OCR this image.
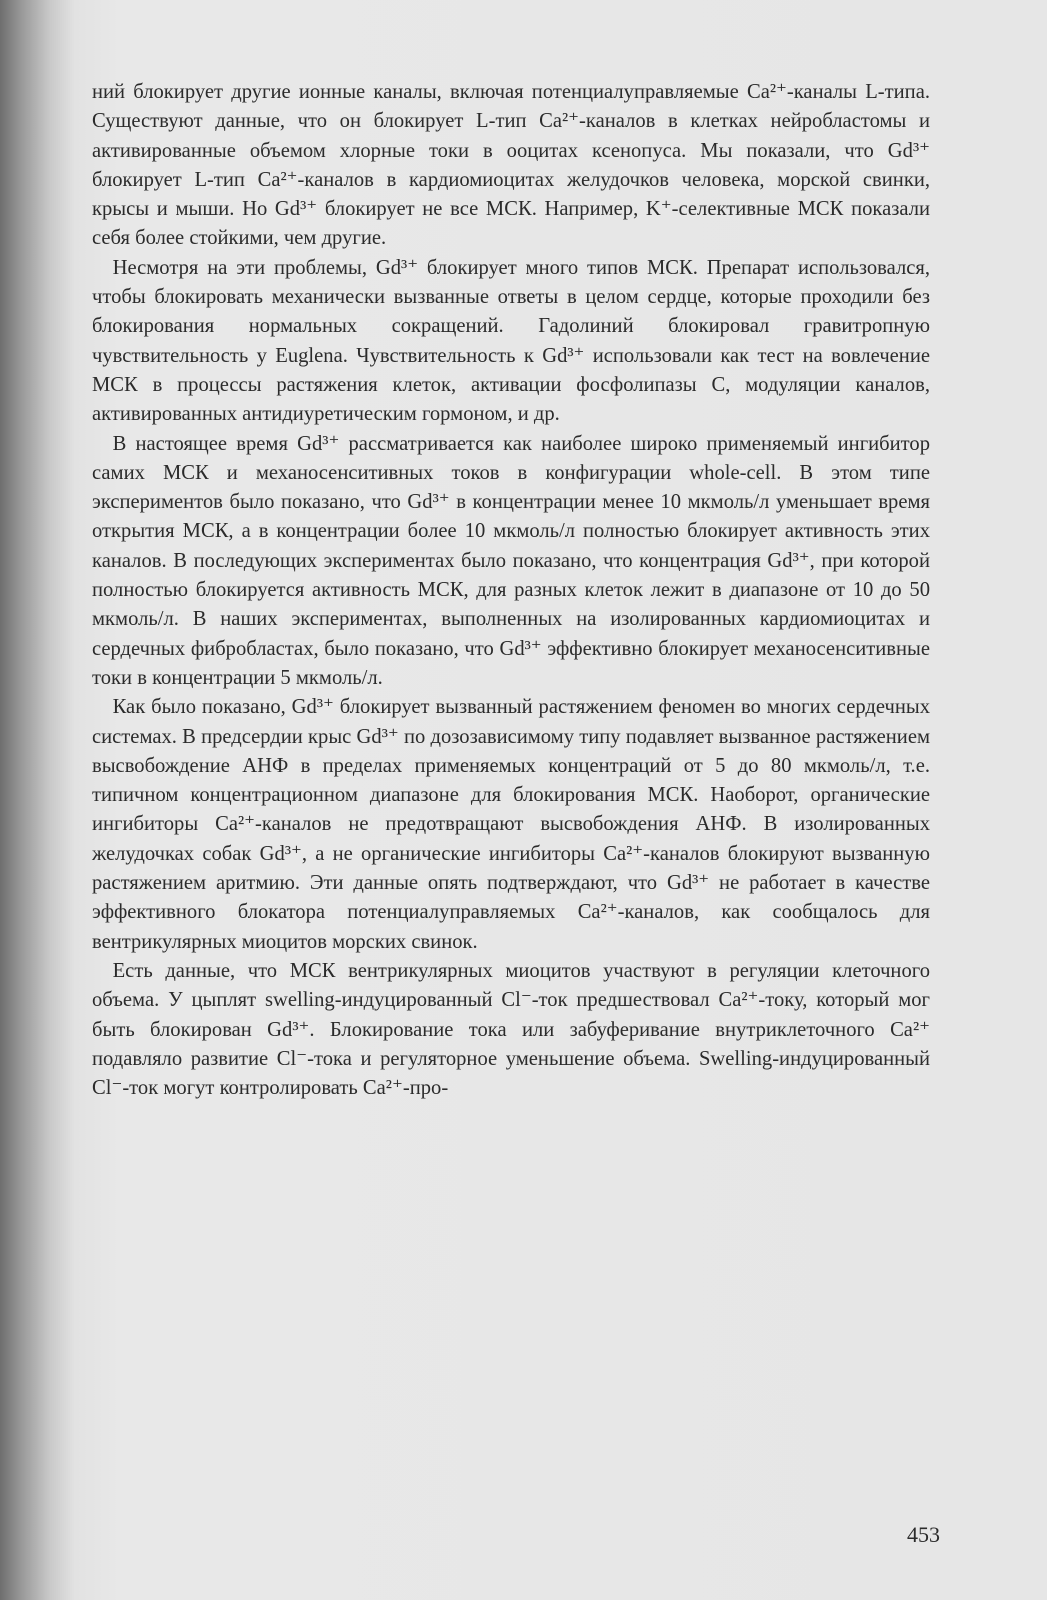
ний блокирует другие ионные каналы, включая потенциалуправляемые Ca²⁺-каналы L-типа. Существуют данные, что он блокирует L-тип Ca²⁺-каналов в клетках нейробластомы и активированные объемом хлорные токи в ооцитах ксенопуса. Мы показали, что Gd³⁺ блокирует L-тип Ca²⁺-каналов в кардиомиоцитах желудочков человека, морской свинки, крысы и мыши. Но Gd³⁺ блокирует не все МСК. Например, K⁺-селективные МСК показали себя более стойкими, чем другие.

Несмотря на эти проблемы, Gd³⁺ блокирует много типов МСК. Препарат использовался, чтобы блокировать механически вызванные ответы в целом сердце, которые проходили без блокирования нормальных сокращений. Гадолиний блокировал гравитропную чувствительность у Euglena. Чувствительность к Gd³⁺ использовали как тест на вовлечение МСК в процессы растяжения клеток, активации фосфолипазы C, модуляции каналов, активированных антидиуретическим гормоном, и др.

В настоящее время Gd³⁺ рассматривается как наиболее широко применяемый ингибитор самих МСК и механосенситивных токов в конфигурации whole-cell. В этом типе экспериментов было показано, что Gd³⁺ в концентрации менее 10 мкмоль/л уменьшает время открытия МСК, а в концентрации более 10 мкмоль/л полностью блокирует активность этих каналов. В последующих экспериментах было показано, что концентрация Gd³⁺, при которой полностью блокируется активность МСК, для разных клеток лежит в диапазоне от 10 до 50 мкмоль/л. В наших экспериментах, выполненных на изолированных кардиомиоцитах и сердечных фибробластах, было показано, что Gd³⁺ эффективно блокирует механосенситивные токи в концентрации 5 мкмоль/л.

Как было показано, Gd³⁺ блокирует вызванный растяжением феномен во многих сердечных системах. В предсердии крыс Gd³⁺ по дозозависимому типу подавляет вызванное растяжением высвобождение АНФ в пределах применяемых концентраций от 5 до 80 мкмоль/л, т.е. типичном концентрационном диапазоне для блокирования МСК. Наоборот, органические ингибиторы Ca²⁺-каналов не предотвращают высвобождения АНФ. В изолированных желудочках собак Gd³⁺, а не органические ингибиторы Ca²⁺-каналов блокируют вызванную растяжением аритмию. Эти данные опять подтверждают, что Gd³⁺ не работает в качестве эффективного блокатора потенциалуправляемых Ca²⁺-каналов, как сообщалось для вентрикулярных миоцитов морских свинок.

Есть данные, что МСК вентрикулярных миоцитов участвуют в регуляции клеточного объема. У цыплят swelling-индуцированный Cl⁻-ток предшествовал Ca²⁺-току, который мог быть блокирован Gd³⁺. Блокирование тока или забуферивание внутриклеточного Ca²⁺ подавляло развитие Cl⁻-тока и регуляторное уменьшение объема. Swelling-индуцированный Cl⁻-ток могут контролировать Ca²⁺-про-

453
